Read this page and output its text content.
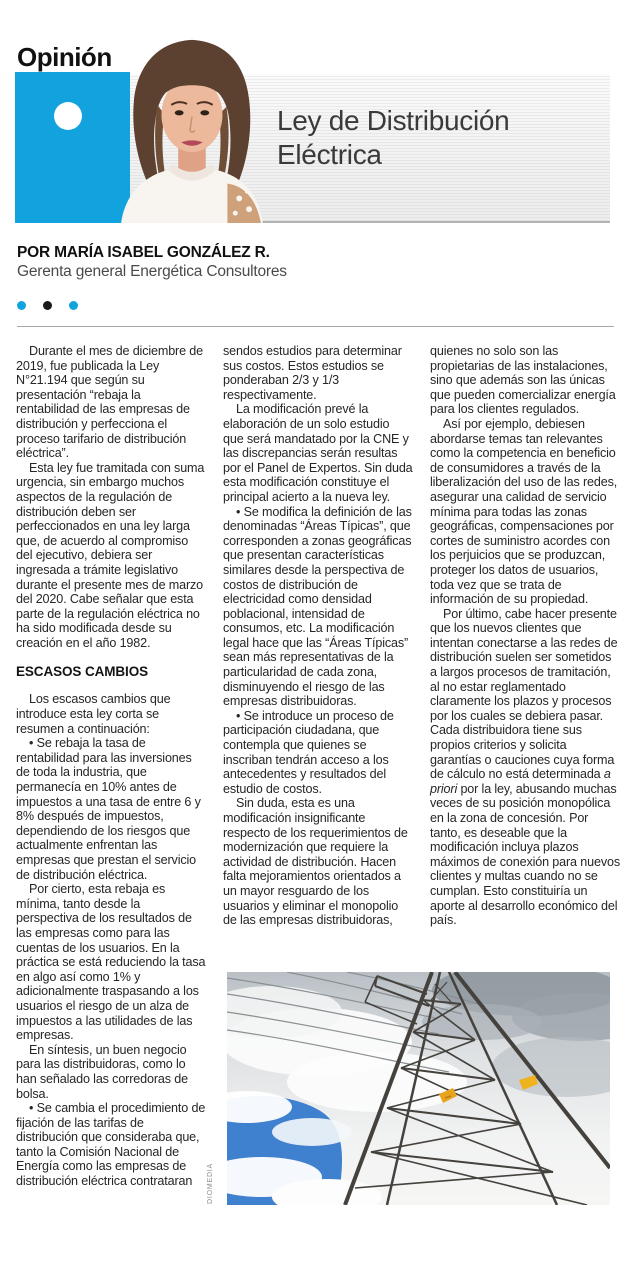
Opinión
Ley de Distribución
Eléctrica
POR MARÍA ISABEL GONZÁLEZ R.
Gerenta general Energética Consultores

Durante el mes de diciembre de 2019, fue publicada la Ley N°21.194 que según su presentación “rebaja la rentabilidad de las empresas de distribución y perfecciona el proceso tarifario de distribución eléctrica”.

Esta ley fue tramitada con suma urgencia, sin embargo muchos aspectos de la regulación de distribución deben ser perfeccionados en una ley larga que, de acuerdo al compromiso del ejecutivo, debiera ser ingresada a trámite legislativo durante el presente mes de marzo del 2020. Cabe señalar que esta parte de la regulación eléctrica no ha sido modificada desde su creación en el año 1982.

ESCASOS CAMBIOS

Los escasos cambios que introduce esta ley corta se resumen a continuación:

• Se rebaja la tasa de rentabilidad para las inversiones de toda la industria, que permanecía en 10% antes de impuestos a una tasa de entre 6 y 8% después de impuestos, dependiendo de los riesgos que actualmente enfrentan las empresas que prestan el servicio de distribución eléctrica.

Por cierto, esta rebaja es mínima, tanto desde la perspectiva de los resultados de las empresas como para las cuentas de los usuarios. En la práctica se está reduciendo la tasa en algo así como 1% y adicionalmente traspasando a los usuarios el riesgo de un alza de impuestos a las utilidades de las empresas.

En síntesis, un buen negocio para las distribuidoras, como lo han señalado las corredoras de bolsa.

• Se cambia el procedimiento de fijación de las tarifas de distribución que consideraba que, tanto la Comisión Nacional de Energía como las empresas de distribución eléctrica contrataran

sendos estudios para determinar sus costos. Estos estudios se ponderaban 2/3 y 1/3 respectivamente.

La modificación prevé la elaboración de un solo estudio que será mandatado por la CNE y las discrepancias serán resultas por el Panel de Expertos. Sin duda esta modificación constituye el principal acierto a la nueva ley.

• Se modifica la definición de las denominadas “Áreas Típicas”, que corresponden a zonas geográficas que presentan características similares desde la perspectiva de costos de distribución de electricidad como densidad poblacional, intensidad de consumos, etc. La modificación legal hace que las “Áreas Típicas” sean más representativas de la particularidad de cada zona, disminuyendo el riesgo de las empresas distribuidoras.

• Se introduce un proceso de participación ciudadana, que contempla que quienes se inscriban tendrán acceso a los antecedentes y resultados del estudio de costos.

Sin duda, esta es una modificación insignificante respecto de los requerimientos de modernización que requiere la actividad de distribución. Hacen falta mejoramientos orientados a un mayor resguardo de los usuarios y eliminar el monopolio de las empresas distribuidoras,

quienes no solo son las propietarias de las instalaciones, sino que además son las únicas que pueden comercializar energía para los clientes regulados.

Así por ejemplo, debiesen abordarse temas tan relevantes como la competencia en beneficio de consumidores a través de la liberalización del uso de las redes, asegurar una calidad de servicio mínima para todas las zonas geográficas, compensaciones por cortes de suministro acordes con los perjuicios que se produzcan, proteger los datos de usuarios, toda vez que se trata de información de su propiedad.

Por último, cabe hacer presente que los nuevos clientes que intentan conectarse a las redes de distribución suelen ser sometidos a largos procesos de tramitación, al no estar reglamentado claramente los plazos y procesos por los cuales se debiera pasar. Cada distribuidora tiene sus propios criterios y solicita garantías o cauciones cuya forma de cálculo no está determinada a priori por la ley, abusando muchas veces de su posición monopólica en la zona de concesión. Por tanto, es deseable que la modificación incluya plazos máximos de conexión para nuevos clientes y multas cuando no se cumplan. Esto constituiría un aporte al desarrollo económico del país.

DIOMEDIA
